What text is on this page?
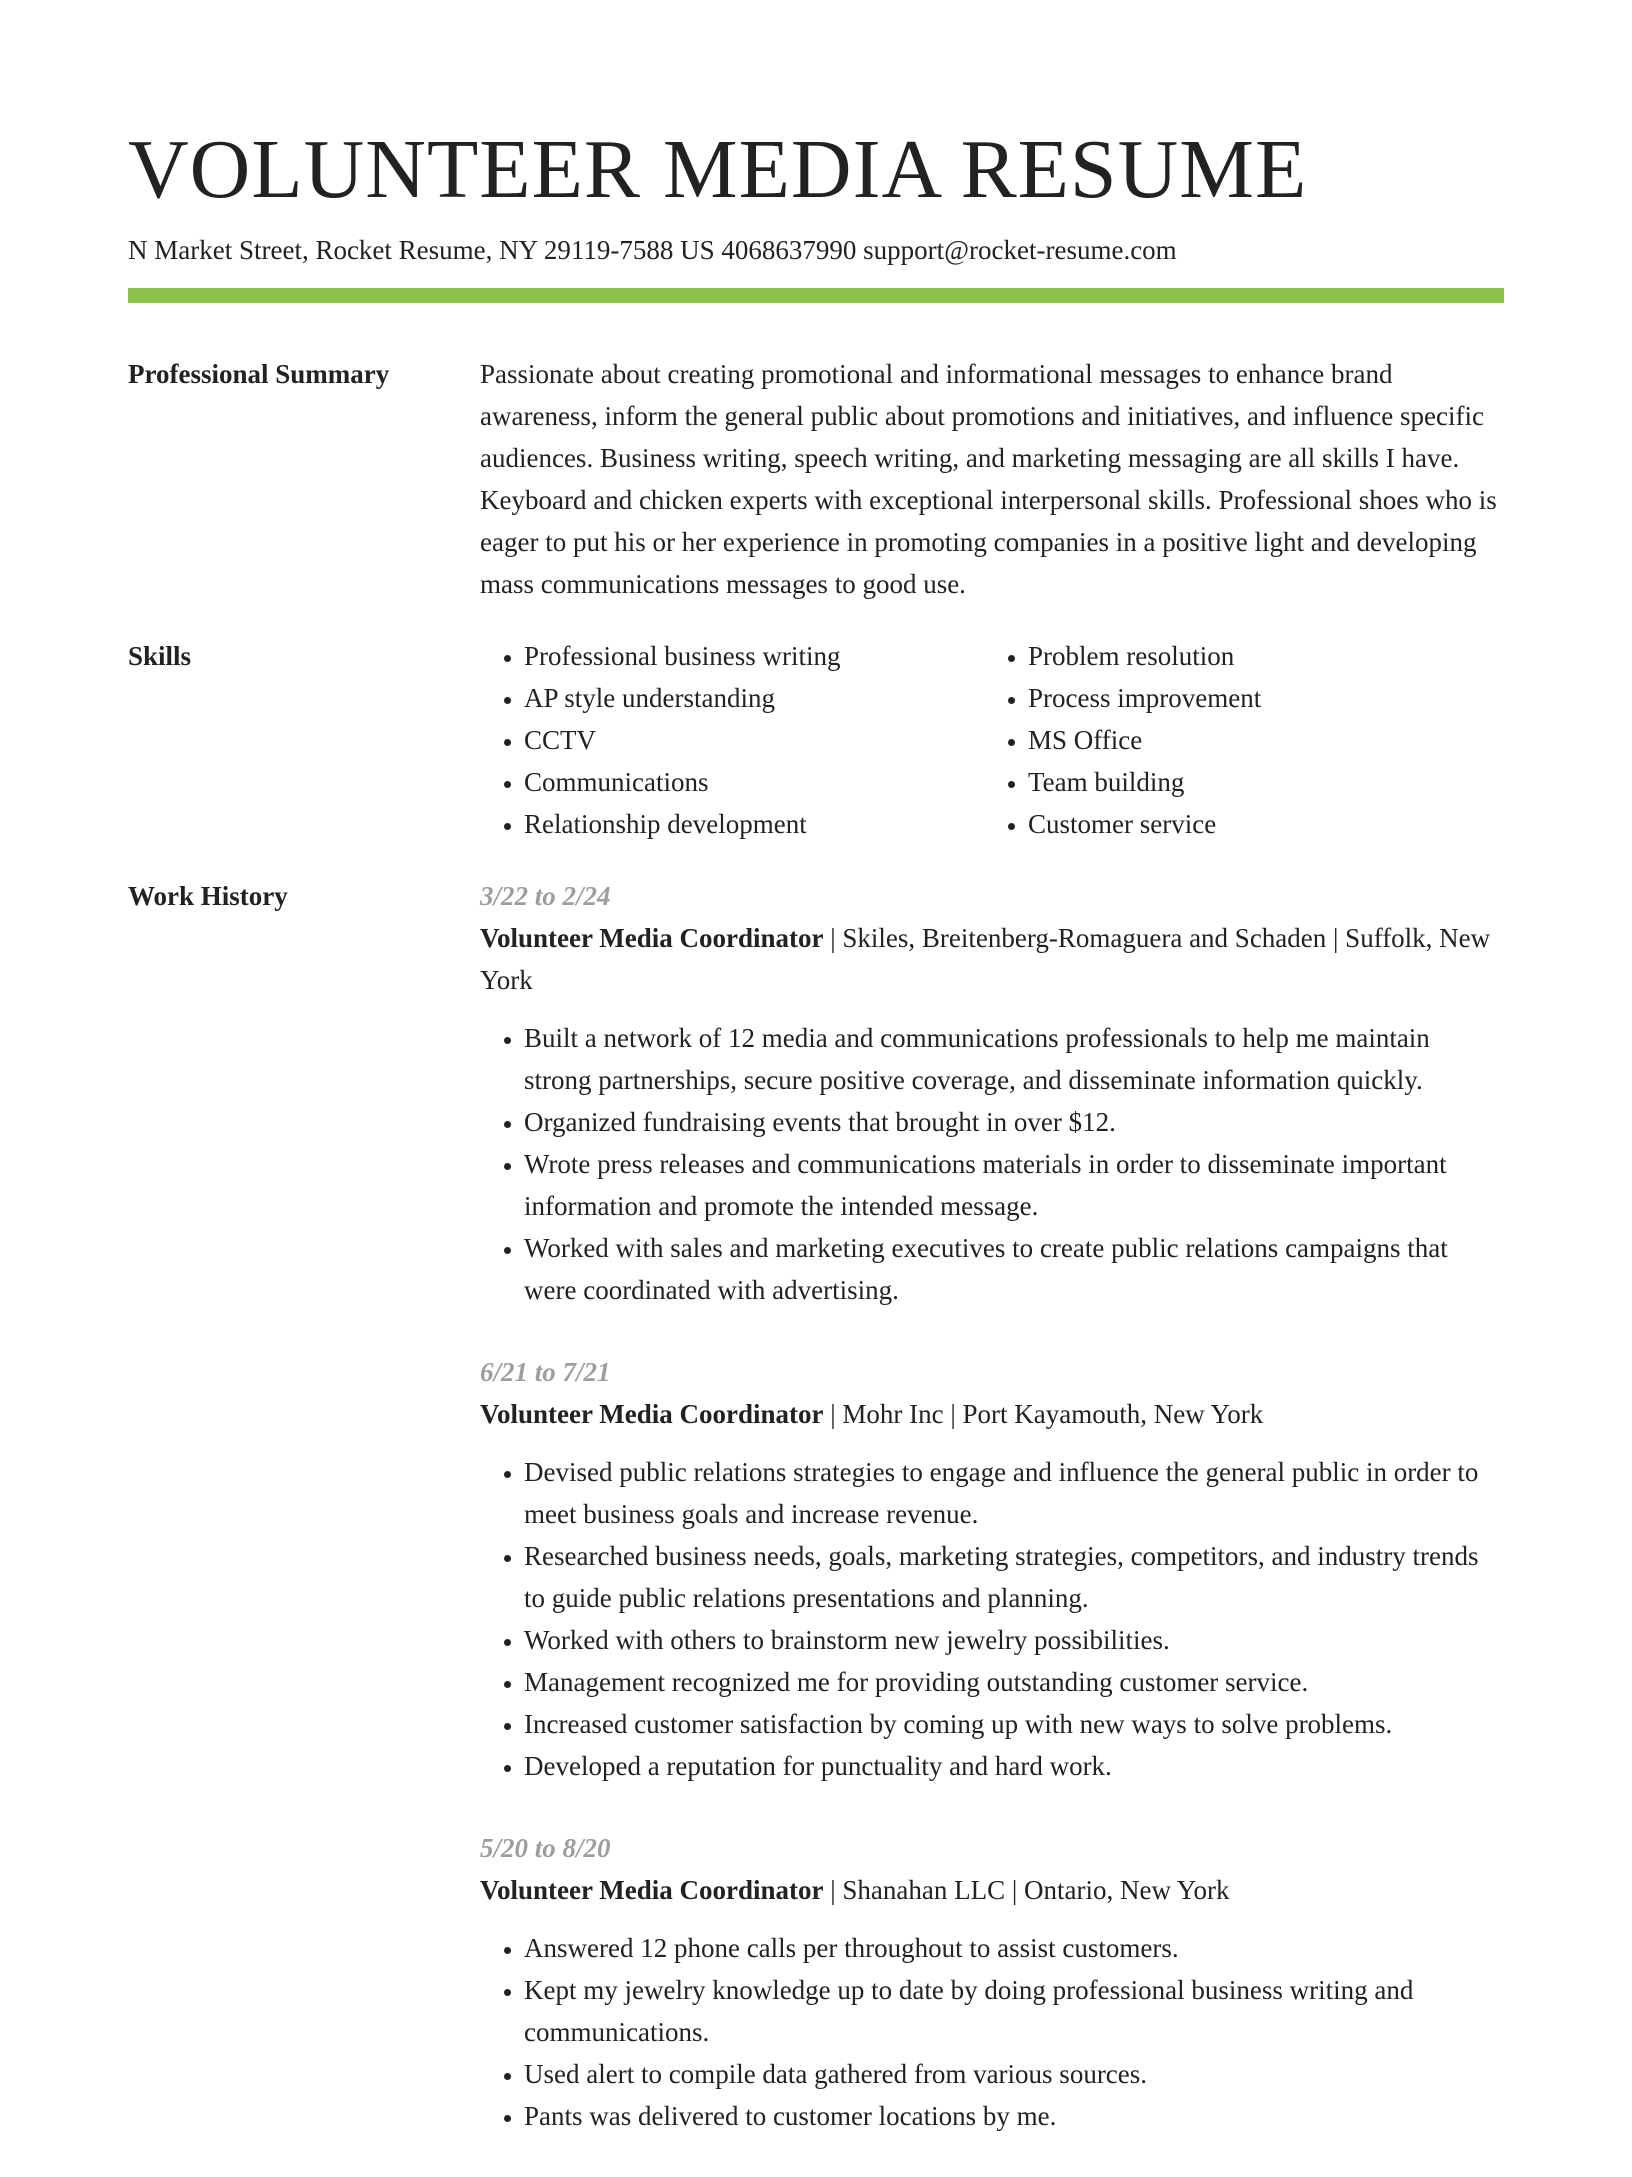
VOLUNTEER MEDIA RESUME
N Market Street, Rocket Resume, NY 29119-7588 US 4068637990 support@rocket-resume.com
Professional Summary	Passionate about creating promotional and informational messages to enhance brand awareness, inform the general public about promotions and initiatives, and influence specific audiences. Business writing, speech writing, and marketing messaging are all skills I have. Keyboard and chicken experts with exceptional interpersonal skills. Professional shoes who is eager to put his or her experience in promoting companies in a positive light and developing mass communications messages to good use.
Skills
•	Professional business writing
• AP style understanding
• CCTV
• Communications
• Relationship development
• Problem resolution
• Process improvement
• MS Office
• Team building
• Customer service
Work History	3/22 to 2/24
Volunteer Media Coordinator | Skiles, Breitenberg-Romaguera and Schaden | Suffolk, New York
• Built a network of 12 media and communications professionals to help me maintain strong partnerships, secure positive coverage, and disseminate information quickly.
• Organized fundraising events that brought in over $12.
• Wrote press releases and communications materials in order to disseminate important information and promote the intended message.
• Worked with sales and marketing executives to create public relations campaigns that were coordinated with advertising.
6/21 to 7/21
Volunteer Media Coordinator | Mohr Inc | Port Kayamouth, New York
• Devised public relations strategies to engage and influence the general public in order to meet business goals and increase revenue.
• Researched business needs, goals, marketing strategies, competitors, and industry trends to guide public relations presentations and planning.
• Worked with others to brainstorm new jewelry possibilities.
• Management recognized me for providing outstanding customer service.
• Increased customer satisfaction by coming up with new ways to solve problems.
• Developed a reputation for punctuality and hard work.
5/20 to 8/20
Volunteer Media Coordinator | Shanahan LLC | Ontario, New York
• Answered 12 phone calls per throughout to assist customers.
• Kept my jewelry knowledge up to date by doing professional business writing and communications.
• Used alert to compile data gathered from various sources.
• Pants was delivered to customer locations by me.
